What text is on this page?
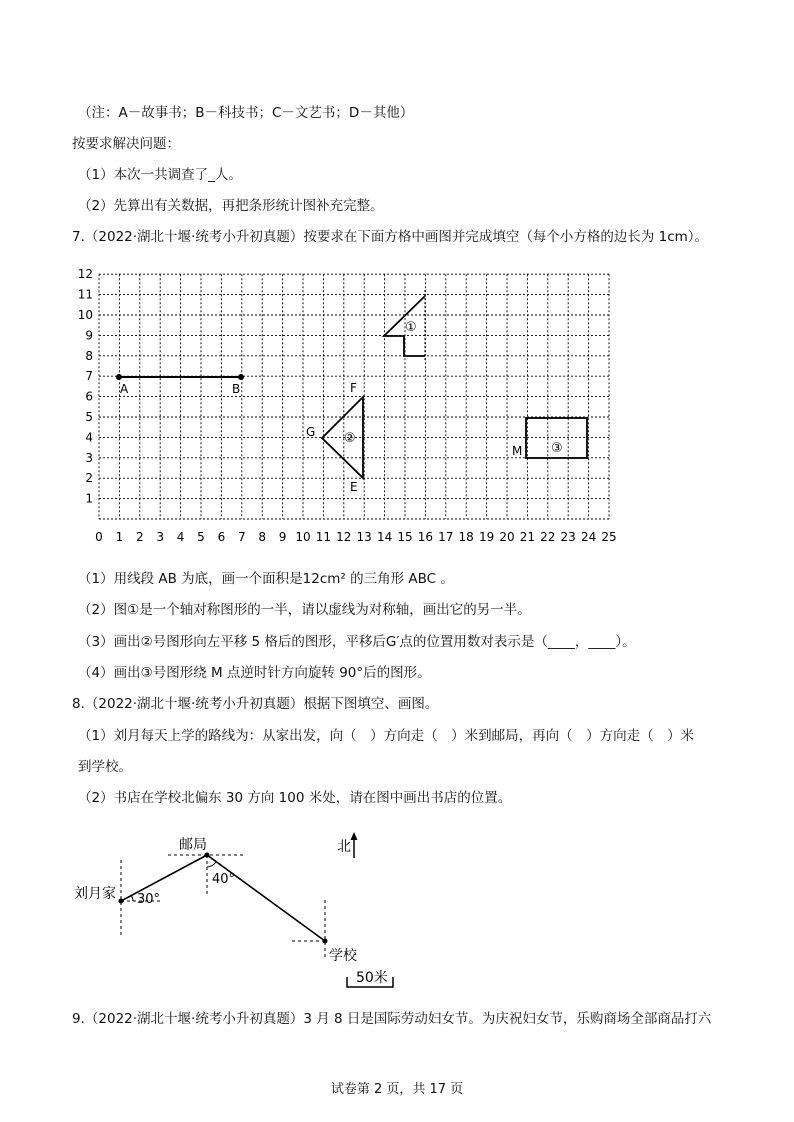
（注：A－故事书；B－科技书；C－文艺书；D－其他）
按要求解决问题：
（1）本次一共调查了_人。
（2）先算出有关数据，再把条形统计图补充完整。
7.（2022·湖北十堰·统考小升初真题）按要求在下面方格中画图并完成填空（每个小方格的边长为 1cm）。
0 1 2 3 4 5 6 7 8 9 10 11 12 13 14 15 16 17 18 19 20 21 22 23 24 25
1
2
3
4
5
6
7
8
9
10
11
12
A	B
①
F
G
E
②
M ③
（1）用线段 AB 为底，画一个面积是12cm² 的三角形 ABC 。
（2）图①是一个轴对称图形的一半，请以虚线为对称轴，画出它的另一半。
（3）画出②号图形向左平移 5 格后的图形，平移后G′点的位置用数对表示是（____，____）。
（4）画出③号图形绕 M 点逆时针方向旋转 90°后的图形。
8.（2022·湖北十堰·统考小升初真题）根据下图填空、画图。
（1）刘月每天上学的路线为：从家出发，向（　）方向走（　）米到邮局，再向（　）方向走（　）米
到学校。
（2）书店在学校北偏东 30 方向 100 米处，请在图中画出书店的位置。
刘月家 30°
邮局
40°
学校
北
50米
9.（2022·湖北十堰·统考小升初真题）3 月 8 日是国际劳动妇女节。为庆祝妇女节，乐购商场全部商品打六
试卷第 2 页，共 17 页
